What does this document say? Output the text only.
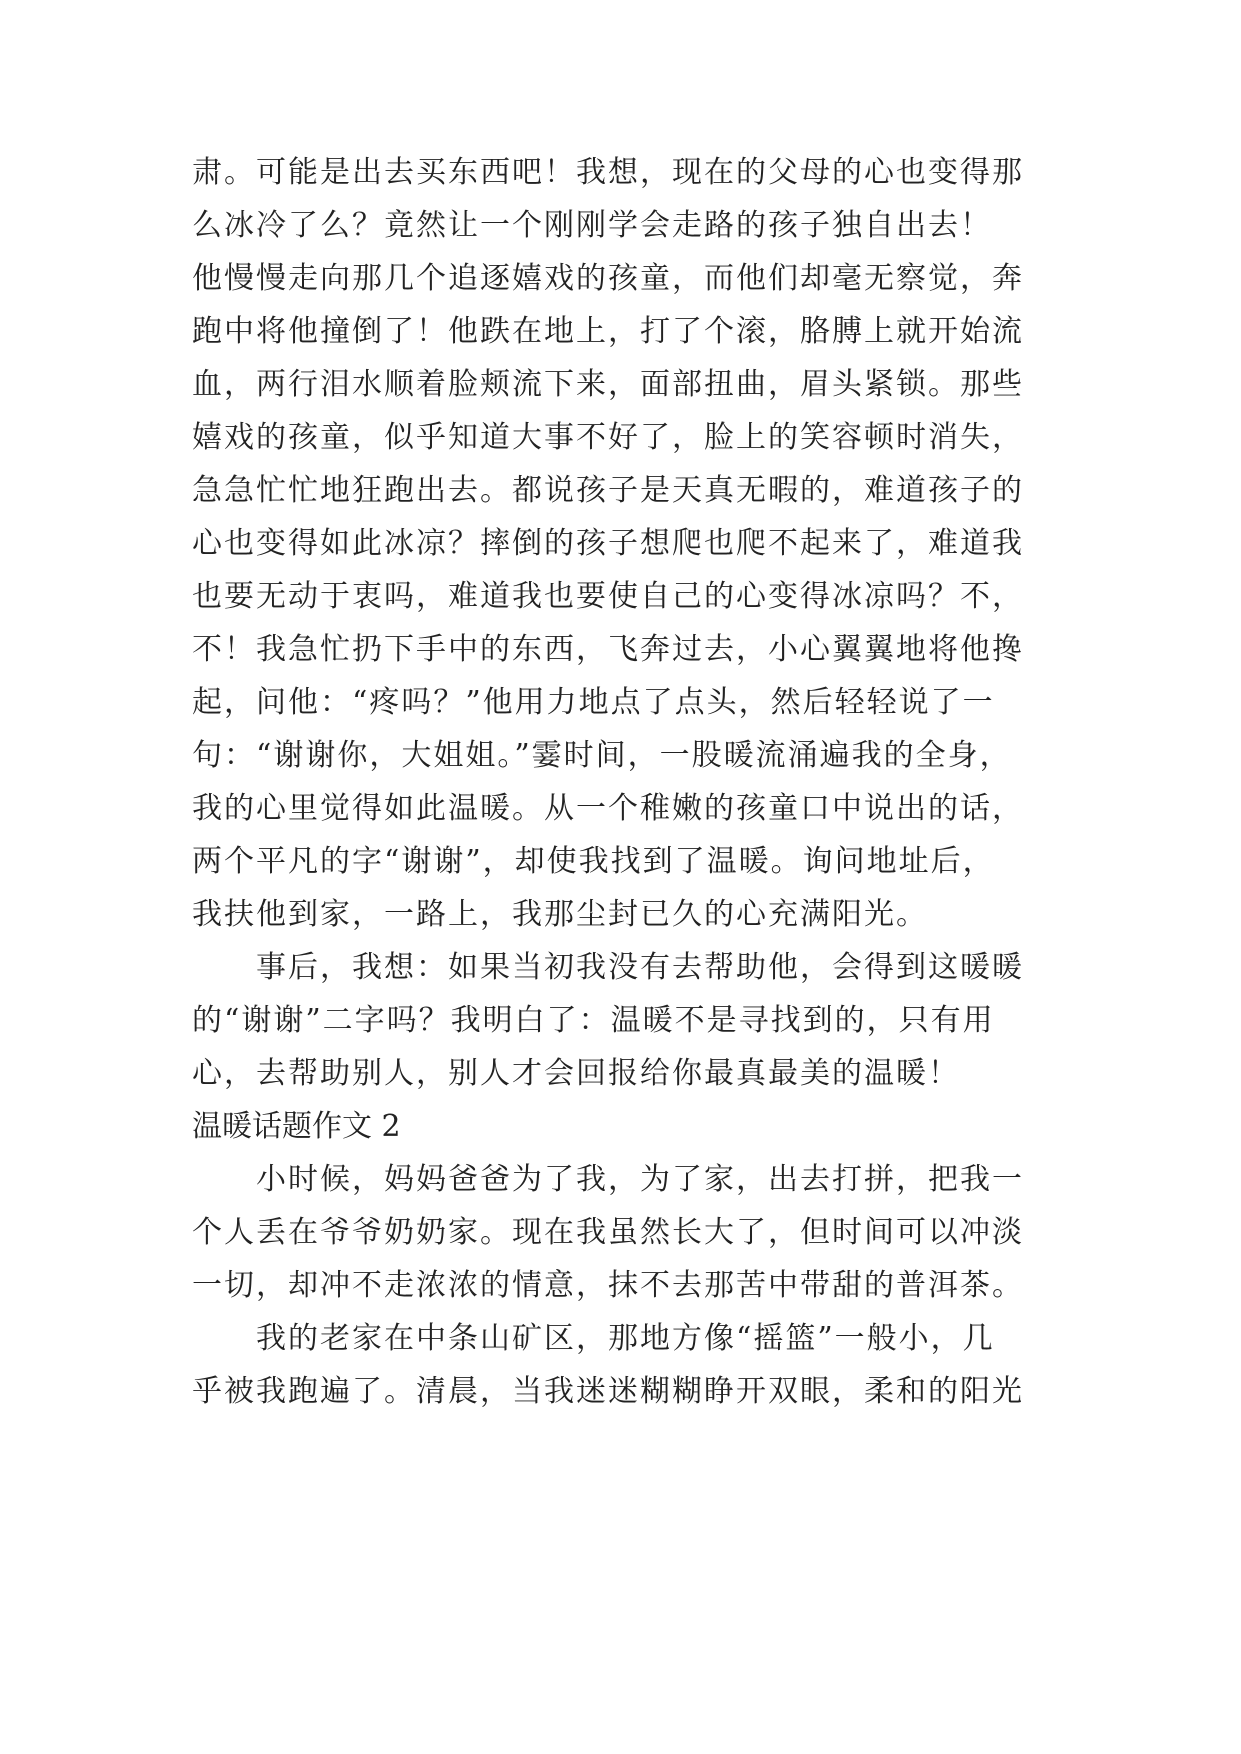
肃。可能是出去买东西吧！我想，现在的父母的心也变得那
么冰冷了么？竟然让一个刚刚学会走路的孩子独自出去！
他慢慢走向那几个追逐嬉戏的孩童，而他们却毫无察觉，奔
跑中将他撞倒了！他跌在地上，打了个滚，胳膊上就开始流
血，两行泪水顺着脸颊流下来，面部扭曲，眉头紧锁。那些
嬉戏的孩童，似乎知道大事不好了，脸上的笑容顿时消失，
急急忙忙地狂跑出去。都说孩子是天真无暇的，难道孩子的
心也变得如此冰凉？摔倒的孩子想爬也爬不起来了，难道我
也要无动于衷吗，难道我也要使自己的心变得冰凉吗？不，
不！我急忙扔下手中的东西，飞奔过去，小心翼翼地将他搀
起，问他：“疼吗？”他用力地点了点头，然后轻轻说了一
句：“谢谢你，大姐姐。”霎时间，一股暖流涌遍我的全身，
我的心里觉得如此温暖。从一个稚嫩的孩童口中说出的话，
两个平凡的字“谢谢”，却使我找到了温暖。询问地址后，
我扶他到家，一路上，我那尘封已久的心充满阳光。
事后，我想：如果当初我没有去帮助他，会得到这暖暖
的“谢谢”二字吗？我明白了：温暖不是寻找到的，只有用
心，去帮助别人，别人才会回报给你最真最美的温暖！
温暖话题作文 2
小时候，妈妈爸爸为了我，为了家，出去打拼，把我一
个人丢在爷爷奶奶家。现在我虽然长大了，但时间可以冲淡
一切，却冲不走浓浓的情意，抹不去那苦中带甜的普洱茶。
我的老家在中条山矿区，那地方像“摇篮”一般小，几
乎被我跑遍了。清晨，当我迷迷糊糊睁开双眼，柔和的阳光
